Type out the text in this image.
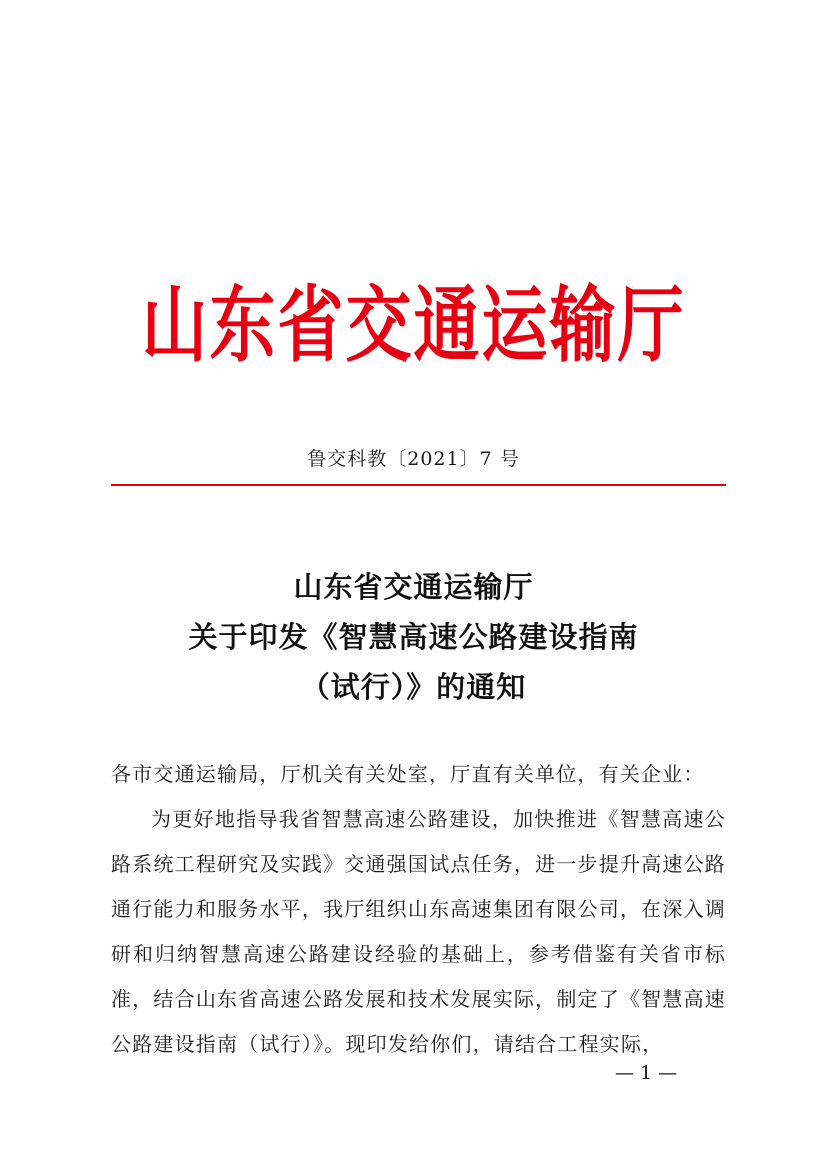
山东省交通运输厅
鲁交科教〔2021〕7 号
山东省交通运输厅
关于印发《智慧高速公路建设指南
（试行）》的通知
各市交通运输局，厅机关有关处室，厅直有关单位，有关企业：
为更好地指导我省智慧高速公路建设，加快推进《智慧高速公路系统工程研究及实践》交通强国试点任务，进一步提升高速公路通行能力和服务水平，我厅组织山东高速集团有限公司，在深入调研和归纳智慧高速公路建设经验的基础上，参考借鉴有关省市标准，结合山东省高速公路发展和技术发展实际，制定了《智慧高速公路建设指南（试行）》。现印发给你们，请结合工程实际，
— 1 —
